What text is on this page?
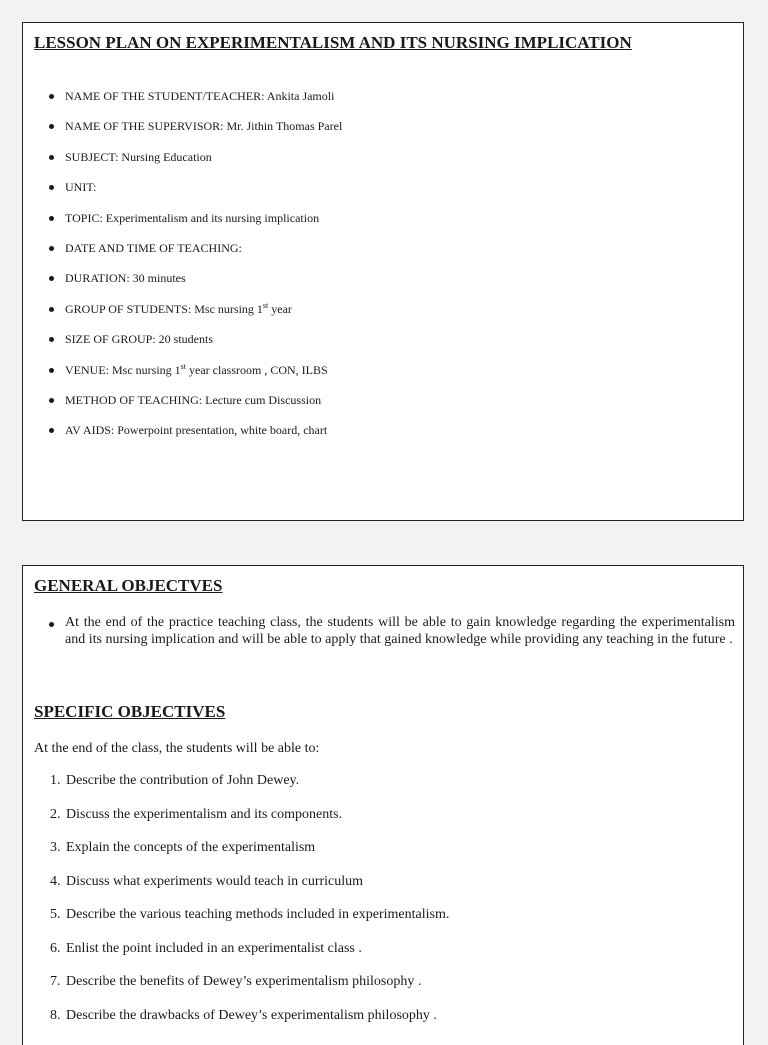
LESSON PLAN ON EXPERIMENTALISM AND ITS NURSING IMPLICATION
NAME OF THE STUDENT/TEACHER: Ankita Jamoli
NAME OF THE SUPERVISOR: Mr. Jithin Thomas Parel
SUBJECT: Nursing Education
UNIT:
TOPIC: Experimentalism and its nursing implication
DATE AND TIME OF TEACHING:
DURATION: 30 minutes
GROUP OF STUDENTS: Msc nursing 1st year
SIZE OF GROUP: 20 students
VENUE: Msc nursing 1st year classroom , CON, ILBS
METHOD OF TEACHING: Lecture cum Discussion
AV AIDS: Powerpoint presentation, white board, chart
GENERAL OBJECTVES

At the end of the practice teaching class, the students will be able to gain knowledge regarding the experimentalism and its nursing implication and will be able to apply that gained knowledge while providing any teaching in the future .

SPECIFIC OBJECTIVES

At the end of the class, the students will be able to:

1. Describe the contribution of John Dewey.
2. Discuss the experimentalism and its components.
3. Explain the concepts of the experimentalism
4. Discuss what experiments would teach in curriculum
5. Describe the various teaching methods included in experimentalism.
6. Enlist the point included in an experimentalist class .
7. Describe the benefits of Dewey’s experimentalism philosophy .
8. Describe the drawbacks of Dewey’s experimentalism philosophy .
